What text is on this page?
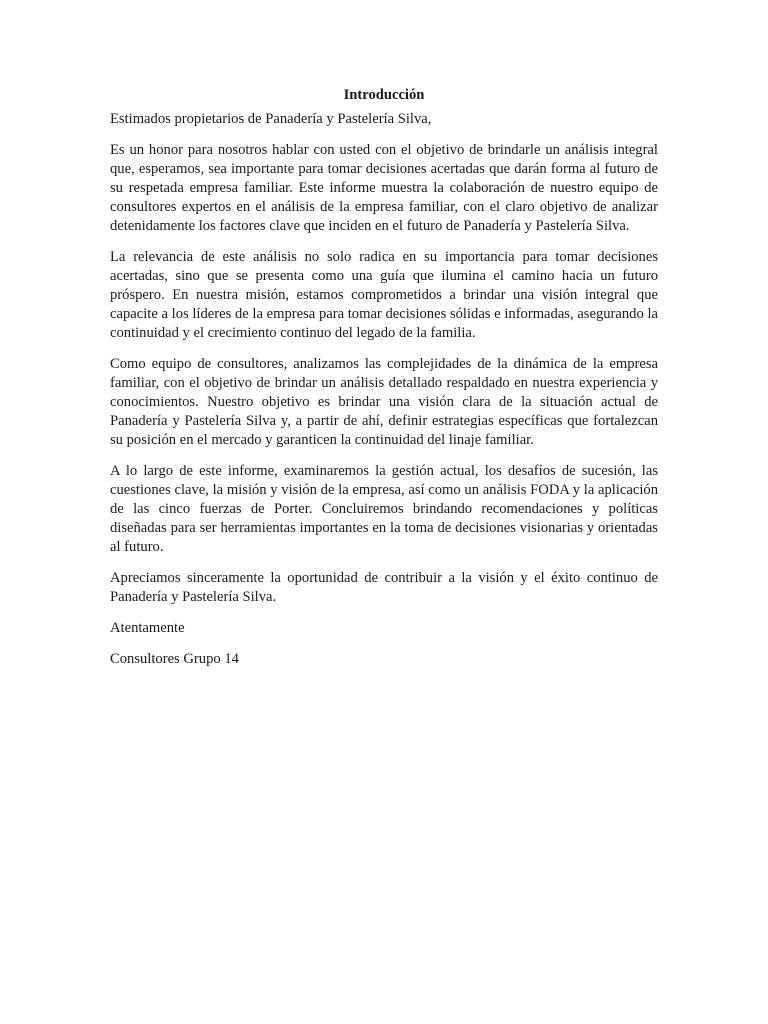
Introducción
Estimados propietarios de Panadería y Pastelería Silva,
Es un honor para nosotros hablar con usted con el objetivo de brindarle un análisis integral que, esperamos, sea importante para tomar decisiones acertadas que darán forma al futuro de su respetada empresa familiar. Este informe muestra la colaboración de nuestro equipo de consultores expertos en el análisis de la empresa familiar, con el claro objetivo de analizar detenidamente los factores clave que inciden en el futuro de Panadería y Pastelería Silva.
La relevancia de este análisis no solo radica en su importancia para tomar decisiones acertadas, sino que se presenta como una guía que ilumina el camino hacia un futuro próspero. En nuestra misión, estamos comprometidos a brindar una visión integral que capacite a los líderes de la empresa para tomar decisiones sólidas e informadas, asegurando la continuidad y el crecimiento continuo del legado de la familia.
Como equipo de consultores, analizamos las complejidades de la dinámica de la empresa familiar, con el objetivo de brindar un análisis detallado respaldado en nuestra experiencia y conocimientos. Nuestro objetivo es brindar una visión clara de la situación actual de Panadería y Pastelería Silva y, a partir de ahí, definir estrategias específicas que fortalezcan su posición en el mercado y garanticen la continuidad del linaje familiar.
A lo largo de este informe, examinaremos la gestión actual, los desafíos de sucesión, las cuestiones clave, la misión y visión de la empresa, así como un análisis FODA y la aplicación de las cinco fuerzas de Porter. Concluiremos brindando recomendaciones y políticas diseñadas para ser herramientas importantes en la toma de decisiones visionarias y orientadas al futuro.
Apreciamos sinceramente la oportunidad de contribuir a la visión y el éxito continuo de Panadería y Pastelería Silva.
Atentamente
Consultores Grupo 14
